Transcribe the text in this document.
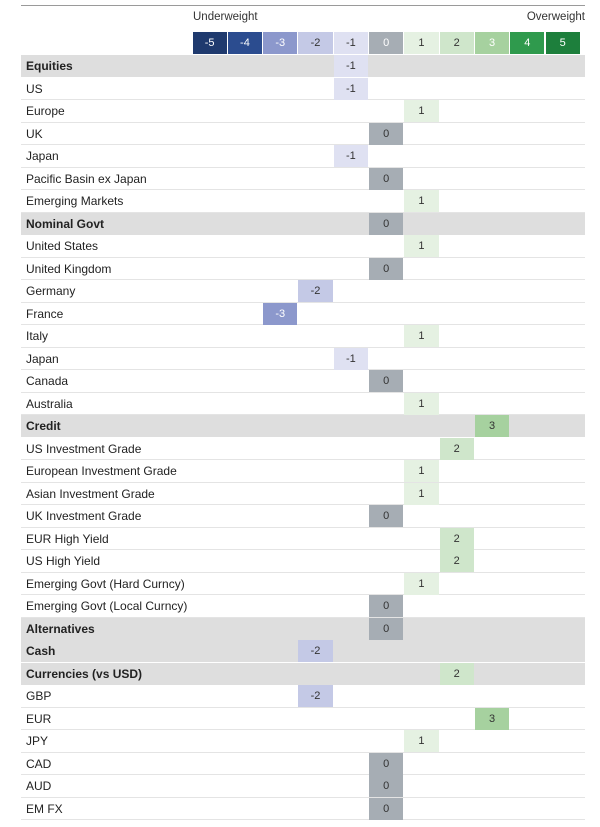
Underweight	Overweight
-5	-4	-3	-2	-1	0	1	2	3	4	5
Equities	-1
US	-1
Europe	1
UK	0
Japan	-1
Pacific Basin ex Japan	0
Emerging Markets	1
Nominal Govt	0
United States	1
United Kingdom	0
Germany	-2
France	-3
Italy	1
Japan	-1
Canada	0
Australia	1
Credit	3
US Investment Grade	2
European Investment Grade	1
Asian Investment Grade	1
UK Investment Grade	0
EUR High Yield	2
US High Yield	2
Emerging Govt (Hard Curncy)	1
Emerging Govt (Local Curncy)	0
Alternatives	0
Cash	-2
Currencies (vs USD)	2
GBP	-2
EUR	3
JPY	1
CAD	0
AUD	0
EM FX	0
